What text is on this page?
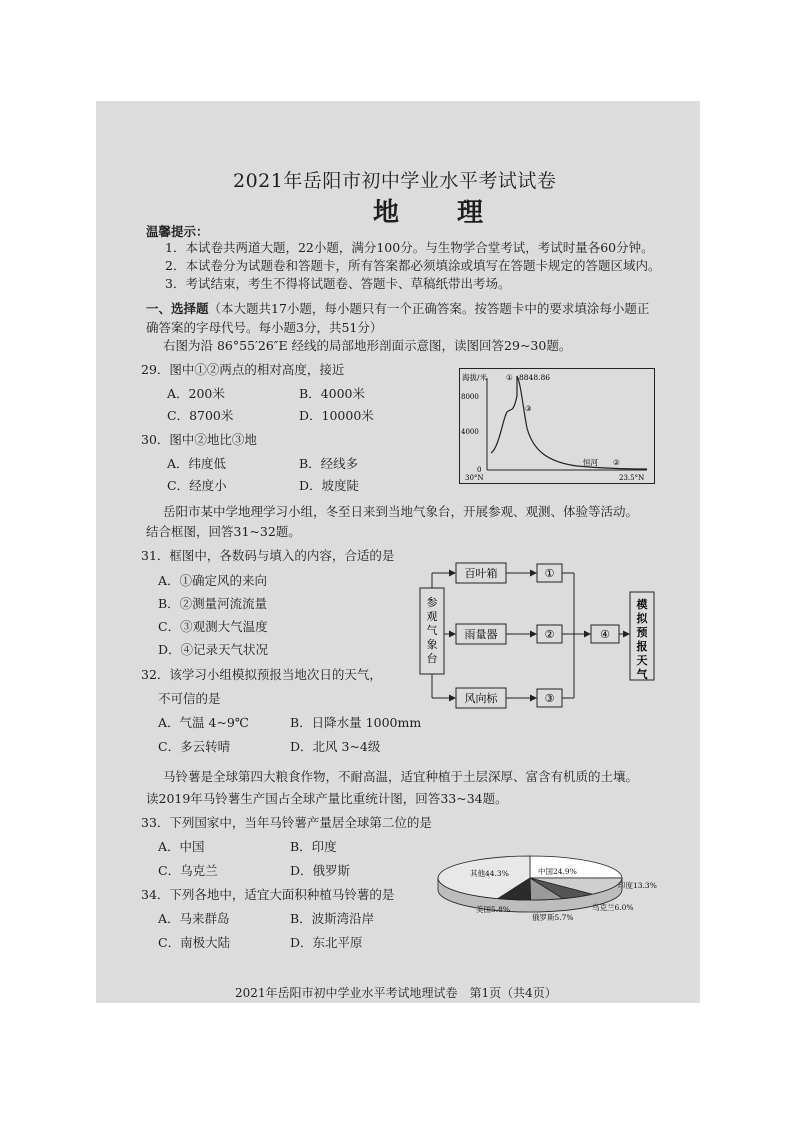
2021年岳阳市初中学业水平考试试卷
地　理
温馨提示：
1．本试卷共两道大题，22小题，满分100分。与生物学合堂考试，考试时量各60分钟。
2．本试卷分为试题卷和答题卡，所有答案都必须填涂或填写在答题卡规定的答题区域内。
3．考试结束，考生不得将试题卷、答题卡、草稿纸带出考场。
一、选择题（本大题共17小题，每小题只有一个正确答案。按答题卡中的要求填涂每小题正
确答案的字母代号。每小题3分，共51分）
右图为沿 86°55′26″E 经线的局部地形剖面示意图，读图回答29~30题。
29．图中①②两点的相对高度，接近
A．200米	B．4000米
C．8700米	D．10000米
30．图中②地比③地
A．纬度低	B．经线多
C．经度小	D．坡度陡
海拔/米
8000
4000
0
① 8848.86
③
恒河 ②
30°N	23.5°N
岳阳市某中学地理学习小组，冬至日来到当地气象台，开展参观、观测、体验等活动。
结合框图，回答31~32题。
31．框图中，各数码与填入的内容，合适的是
A．①确定风的来向
B．②测量河流流量
C．③观测大气温度
D．④记录天气状况
参观气象台
百叶箱
雨量器
风向标
①
②
③
④
模拟预报天气
32．该学习小组模拟预报当地次日的天气，
不可信的是
A．气温 4~9℃	B．日降水量 1000mm
C．多云转晴	D．北风 3~4级
马铃薯是全球第四大粮食作物，不耐高温，适宜种植于土层深厚、富含有机质的土壤。
读2019年马铃薯生产国占全球产量比重统计图，回答33~34题。
33．下列国家中，当年马铃薯产量居全球第二位的是
A．中国	B．印度
C．乌克兰	D．俄罗斯
34．下列各地中，适宜大面积种植马铃薯的是
A．马来群岛	B．波斯湾沿岸
C．南极大陆	D．东北平原
中国24.9%
印度13.3%
乌克兰6.0%
俄罗斯5.7%
美国5.8%
其他44.3%
2021年岳阳市初中学业水平考试地理试卷　第1页（共4页）
